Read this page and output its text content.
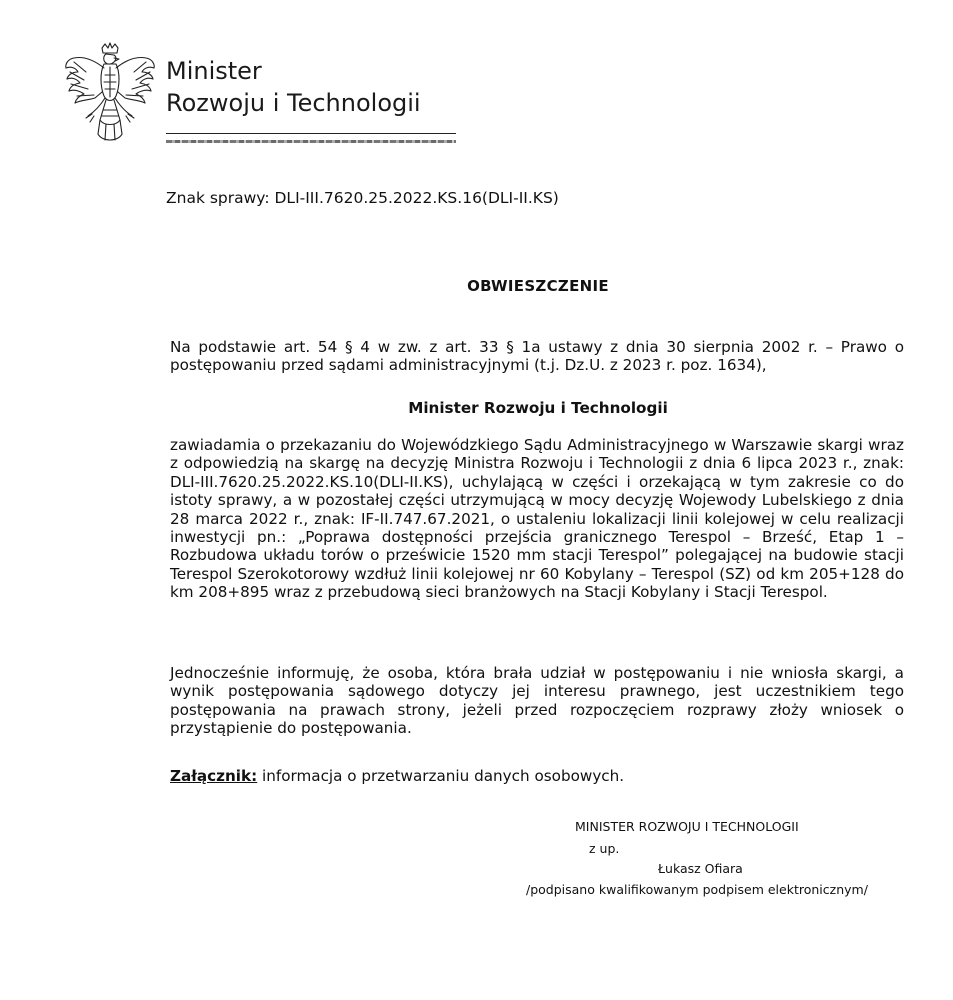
Minister
Rozwoju i Technologii
Znak sprawy: DLI-III.7620.25.2022.KS.16(DLI-II.KS)
OBWIESZCZENIE
Na podstawie art. 54 § 4 w zw. z art. 33 § 1a ustawy z dnia 30 sierpnia 2002 r. – Prawo o postępowaniu przed sądami administracyjnymi (t.j. Dz.U. z 2023 r. poz. 1634),
Minister Rozwoju i Technologii
zawiadamia o przekazaniu do Wojewódzkiego Sądu Administracyjnego w Warszawie skargi wraz z odpowiedzią na skargę na decyzję Ministra Rozwoju i Technologii z dnia 6 lipca 2023 r., znak: DLI-III.7620.25.2022.KS.10(DLI-II.KS), uchylającą w części i orzekającą w tym zakresie co do istoty sprawy, a w pozostałej części utrzymującą w mocy decyzję Wojewody Lubelskiego z dnia 28 marca 2022 r., znak: IF-II.747.67.2021, o ustaleniu lokalizacji linii kolejowej w celu realizacji inwestycji pn.: „Poprawa dostępności przejścia granicznego Terespol – Brześć, Etap 1 – Rozbudowa układu torów o prześwicie 1520 mm stacji Terespol” polegającej na budowie stacji Terespol Szerokotorowy wzdłuż linii kolejowej nr 60 Kobylany – Terespol (SZ) od km 205+128 do km 208+895 wraz z przebudową sieci branżowych na Stacji Kobylany i Stacji Terespol.
Jednocześnie informuję, że osoba, która brała udział w postępowaniu i nie wniosła skargi, a wynik postępowania sądowego dotyczy jej interesu prawnego, jest uczestnikiem tego postępowania na prawach strony, jeżeli przed rozpoczęciem rozprawy złoży wniosek o przystąpienie do postępowania.
Załącznik: informacja o przetwarzaniu danych osobowych.
MINISTER ROZWOJU I TECHNOLOGII
z up.
Łukasz Ofiara
/podpisano kwalifikowanym podpisem elektronicznym/
